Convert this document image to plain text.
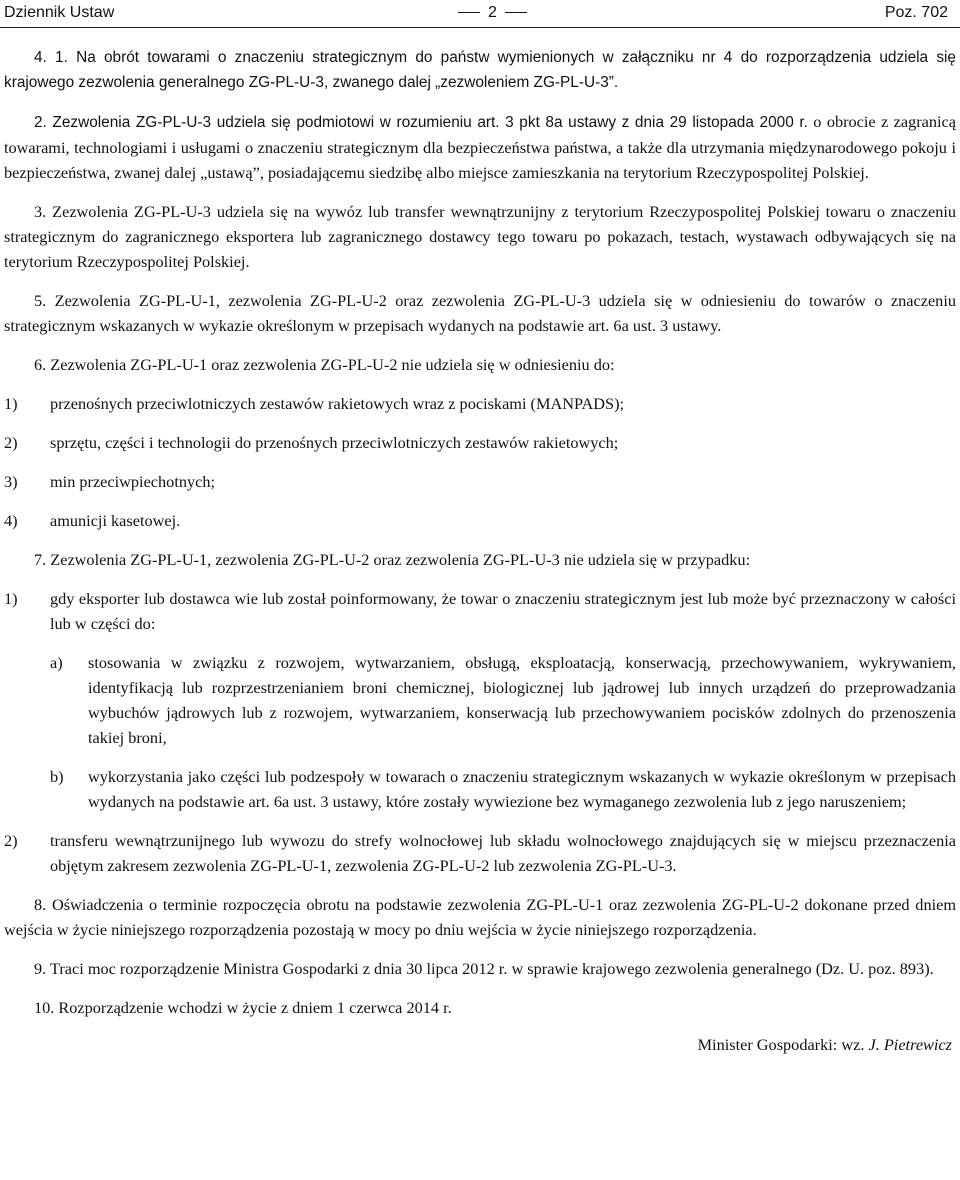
Dziennik Ustaw	2	Poz. 702

4. 1. Na obrót towarami o znaczeniu strategicznym do państw wymienionych w załączniku nr 4 do rozporządzenia udziela się krajowego zezwolenia generalnego ZG-PL-U-3, zwanego dalej „zezwoleniem ZG-PL-U-3”.

2. Zezwolenia ZG-PL-U-3 udziela się podmiotowi w rozumieniu art. 3 pkt 8a ustawy z dnia 29 listopada 2000 r. o obrocie z zagranicą towarami, technologiami i usługami o znaczeniu strategicznym dla bezpieczeństwa państwa, a także dla utrzymania międzynarodowego pokoju i bezpieczeństwa, zwanej dalej „ustawą”, posiadającemu siedzibę albo miejsce zamieszkania na terytorium Rzeczypospolitej Polskiej.

3. Zezwolenia ZG-PL-U-3 udziela się na wywóz lub transfer wewnątrzunijny z terytorium Rzeczypospolitej Polskiej towaru o znaczeniu strategicznym do zagranicznego eksportera lub zagranicznego dostawcy tego towaru po pokazach, testach, wystawach odbywających się na terytorium Rzeczypospolitej Polskiej.

5. Zezwolenia ZG-PL-U-1, zezwolenia ZG-PL-U-2 oraz zezwolenia ZG-PL-U-3 udziela się w odniesieniu do towarów o znaczeniu strategicznym wskazanych w wykazie określonym w przepisach wydanych na podstawie art. 6a ust. 3 ustawy.

6. Zezwolenia ZG-PL-U-1 oraz zezwolenia ZG-PL-U-2 nie udziela się w odniesieniu do:

1) przenośnych przeciwlotniczych zestawów rakietowych wraz z pociskami (MANPADS);

2) sprzętu, części i technologii do przenośnych przeciwlotniczych zestawów rakietowych;

3) min przeciwpiechotnych;

4) amunicji kasetowej.

7. Zezwolenia ZG-PL-U-1, zezwolenia ZG-PL-U-2 oraz zezwolenia ZG-PL-U-3 nie udziela się w przypadku:

1) gdy eksporter lub dostawca wie lub został poinformowany, że towar o znaczeniu strategicznym jest lub może być przeznaczony w całości lub w części do:

a) stosowania w związku z rozwojem, wytwarzaniem, obsługą, eksploatacją, konserwacją, przechowywaniem, wykrywaniem, identyfikacją lub rozprzestrzenianiem broni chemicznej, biologicznej lub jądrowej lub innych urządzeń do przeprowadzania wybuchów jądrowych lub z rozwojem, wytwarzaniem, konserwacją lub przechowywaniem pocisków zdolnych do przenoszenia takiej broni,

b) wykorzystania jako części lub podzespoły w towarach o znaczeniu strategicznym wskazanych w wykazie określonym w przepisach wydanych na podstawie art. 6a ust. 3 ustawy, które zostały wywiezione bez wymaganego zezwolenia lub z jego naruszeniem;

2) transferu wewnątrzunijnego lub wywozu do strefy wolnocłowej lub składu wolnocłowego znajdujących się w miejscu przeznaczenia objętym zakresem zezwolenia ZG-PL-U-1, zezwolenia ZG-PL-U-2 lub zezwolenia ZG-PL-U-3.

8. Oświadczenia o terminie rozpoczęcia obrotu na podstawie zezwolenia ZG-PL-U-1 oraz zezwolenia ZG-PL-U-2 dokonane przed dniem wejścia w życie niniejszego rozporządzenia pozostają w mocy po dniu wejścia w życie niniejszego rozporządzenia.

9. Traci moc rozporządzenie Ministra Gospodarki z dnia 30 lipca 2012 r. w sprawie krajowego zezwolenia generalnego (Dz. U. poz. 893).

10. Rozporządzenie wchodzi w życie z dniem 1 czerwca 2014 r.

Minister Gospodarki: wz. J. Pietrewicz
